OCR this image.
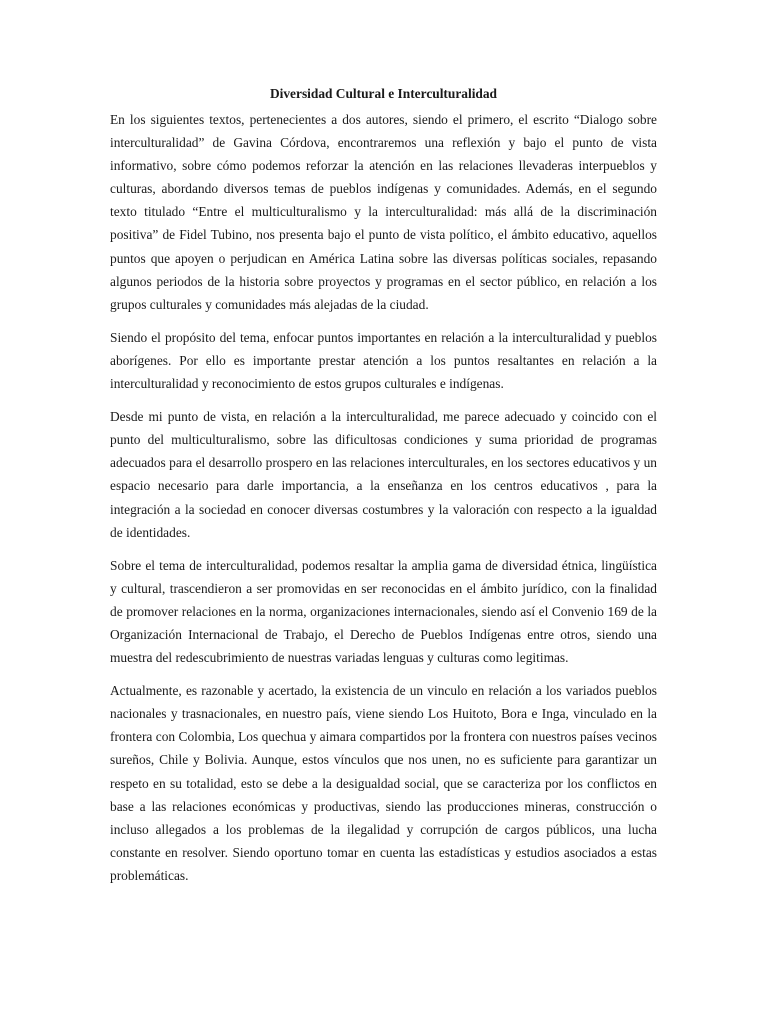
Diversidad Cultural e Interculturalidad

En los siguientes textos, pertenecientes a dos autores, siendo el primero, el escrito “Dialogo sobre interculturalidad” de Gavina Córdova, encontraremos una reflexión y bajo el punto de vista informativo, sobre cómo podemos reforzar la atención en las relaciones llevaderas interpueblos y culturas, abordando diversos temas de pueblos indígenas y comunidades. Además, en el segundo texto titulado “Entre el multiculturalismo y la interculturalidad: más allá de la discriminación positiva” de Fidel Tubino, nos presenta bajo el punto de vista político, el ámbito educativo, aquellos puntos que apoyen o perjudican en América Latina sobre las diversas políticas sociales, repasando algunos periodos de la historia sobre proyectos y programas en el sector público, en relación a los grupos culturales y comunidades más alejadas de la ciudad.

Siendo el propósito del tema, enfocar puntos importantes en relación a la interculturalidad y pueblos aborígenes. Por ello es importante prestar atención a los puntos resaltantes en relación a la interculturalidad y reconocimiento de estos grupos culturales e indígenas.

Desde mi punto de vista, en relación a la interculturalidad, me parece adecuado y coincido con el punto del multiculturalismo, sobre las dificultosas condiciones y suma prioridad de programas adecuados para el desarrollo prospero en las relaciones interculturales, en los sectores educativos y un espacio necesario para darle importancia, a la enseñanza en los centros educativos , para la integración a la sociedad en conocer diversas costumbres y la valoración con respecto a la igualdad de identidades.

Sobre el tema de interculturalidad, podemos resaltar la amplia gama de diversidad étnica, lingüística y cultural, trascendieron a ser promovidas en ser reconocidas en el ámbito jurídico, con la finalidad de promover relaciones en la norma, organizaciones internacionales, siendo así el Convenio 169 de la Organización Internacional de Trabajo, el Derecho de Pueblos Indígenas entre otros, siendo una muestra del redescubrimiento de nuestras variadas lenguas y culturas como legitimas.

Actualmente, es razonable y acertado, la existencia de un vinculo en relación a los variados pueblos nacionales y trasnacionales, en nuestro país, viene siendo Los Huitoto, Bora e Inga, vinculado en la frontera con Colombia, Los quechua y aimara compartidos por la frontera con nuestros países vecinos sureños, Chile y Bolivia. Aunque, estos vínculos que nos unen, no es suficiente para garantizar un respeto en su totalidad, esto se debe a la desigualdad social, que se caracteriza por los conflictos en base a las relaciones económicas y productivas, siendo las producciones mineras, construcción o incluso allegados a los problemas de la ilegalidad y corrupción de cargos públicos, una lucha constante en resolver. Siendo oportuno tomar en cuenta las estadísticas y estudios asociados a estas problemáticas.
